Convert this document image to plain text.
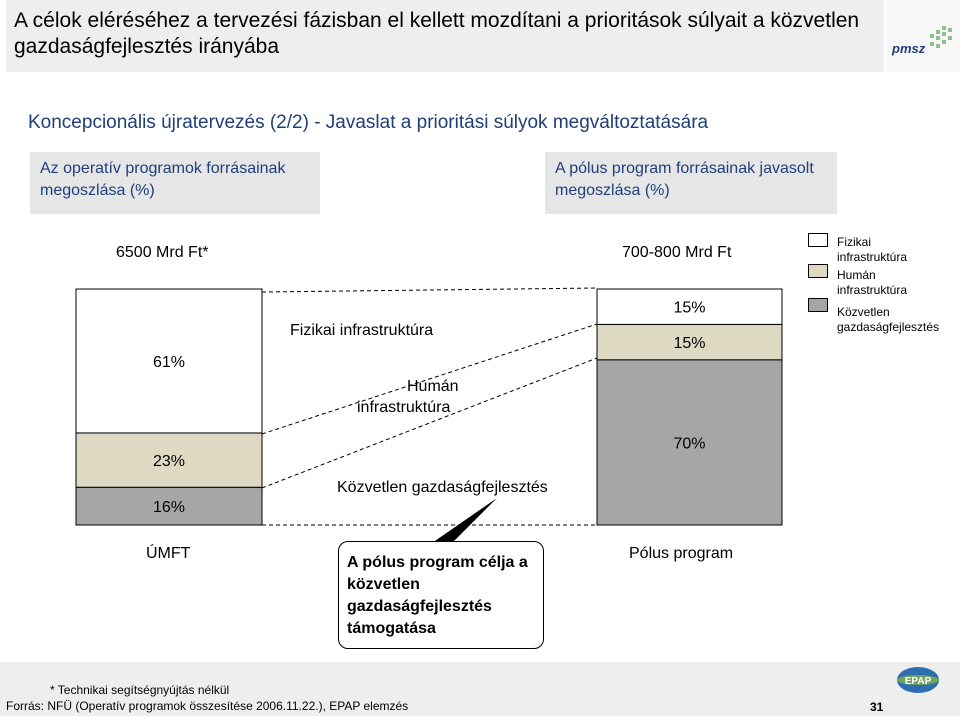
A célok eléréséhez a tervezési fázisban el kellett mozdítani a prioritások súlyait a közvetlen gazdaságfejlesztés irányába	pmsz
Koncepcionális újratervezés (2/2) - Javaslat a prioritási súlyok megváltoztatására
Az operatív programok forrásainak megoszlása (%)
A pólus program forrásainak javasolt megoszlása (%)
6500 Mrd Ft*	700-800 Mrd Ft
16%
23%
61%
70%
15%
15%
Fizikai infrastruktúra
Humán
infrastruktúra
Közvetlen gazdaságfejlesztés
ÚMFT	Pólus program
A pólus program célja a közvetlen gazdaságfejlesztés támogatása
Fizikai
infrastruktúra
Humán
infrastruktúra
Közvetlen
gazdaságfejlesztés
* Technikai segítségnyújtás nélkül
Forrás: NFÜ (Operatív programok összesítése 2006.11.22.), EPAP elemzés
EPAP
31
